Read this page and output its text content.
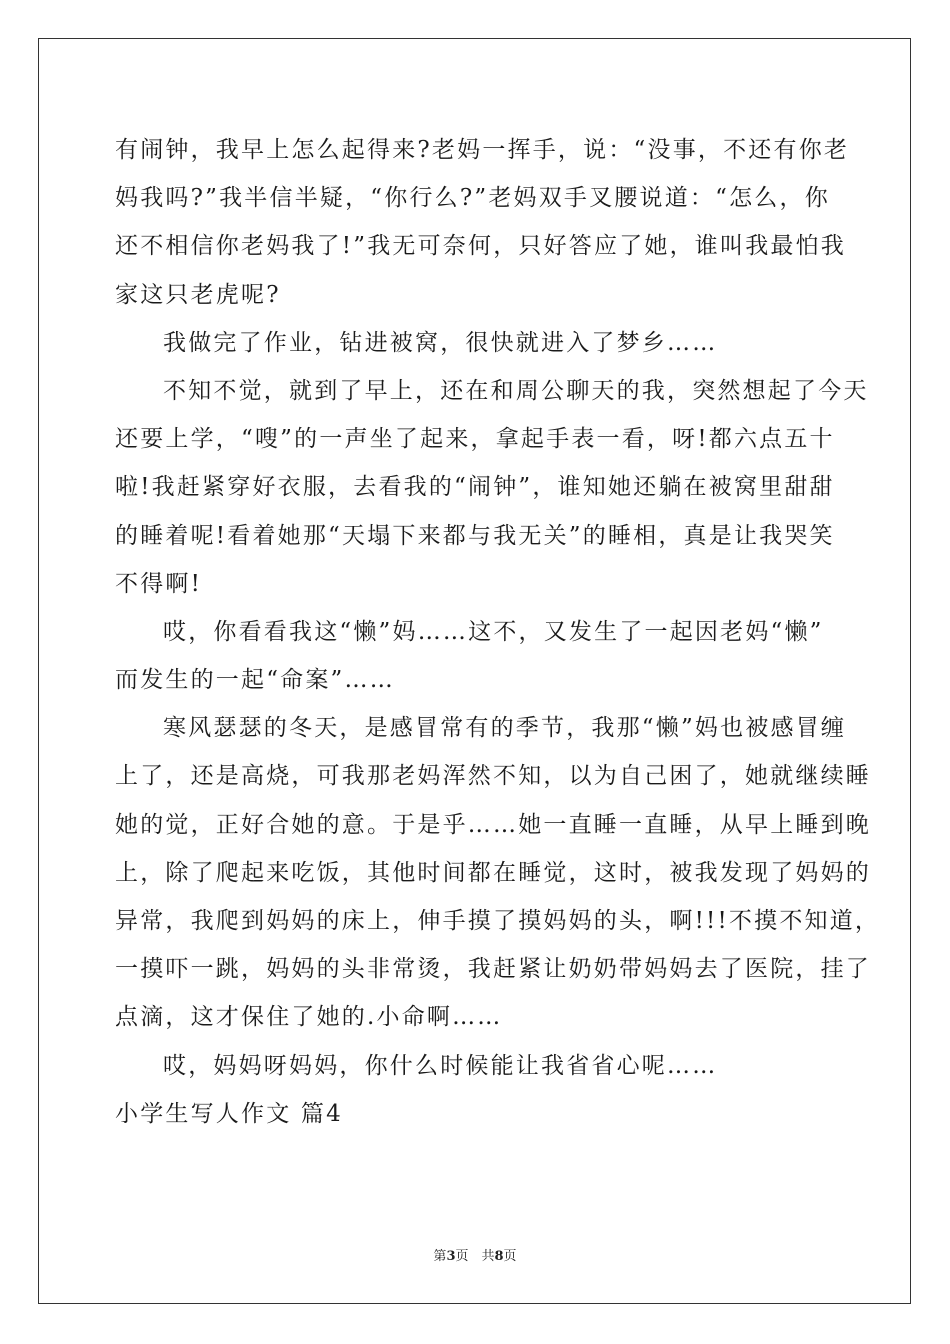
有闹钟，我早上怎么起得来?老妈一挥手，说：“没事，不还有你老
妈我吗?”我半信半疑，“你行么?”老妈双手叉腰说道：“怎么，你
还不相信你老妈我了!”我无可奈何，只好答应了她，谁叫我最怕我
家这只老虎呢?
我做完了作业，钻进被窝，很快就进入了梦乡……
不知不觉，就到了早上，还在和周公聊天的我，突然想起了今天
还要上学，“嗖”的一声坐了起来，拿起手表一看，呀!都六点五十
啦!我赶紧穿好衣服，去看我的“闹钟”，谁知她还躺在被窝里甜甜
的睡着呢!看着她那“天塌下来都与我无关”的睡相，真是让我哭笑
不得啊!
哎，你看看我这“懒”妈……这不，又发生了一起因老妈“懒”
而发生的一起“命案”……
寒风瑟瑟的冬天，是感冒常有的季节，我那“懒”妈也被感冒缠
上了，还是高烧，可我那老妈浑然不知，以为自己困了，她就继续睡
她的觉，正好合她的意。于是乎……她一直睡一直睡，从早上睡到晚
上，除了爬起来吃饭，其他时间都在睡觉，这时，被我发现了妈妈的
异常，我爬到妈妈的床上，伸手摸了摸妈妈的头，啊!!!不摸不知道，
一摸吓一跳，妈妈的头非常烫，我赶紧让奶奶带妈妈去了医院，挂了
点滴，这才保住了她的.小命啊……
哎，妈妈呀妈妈，你什么时候能让我省省心呢……
小学生写人作文 篇4
第3页　共8页
